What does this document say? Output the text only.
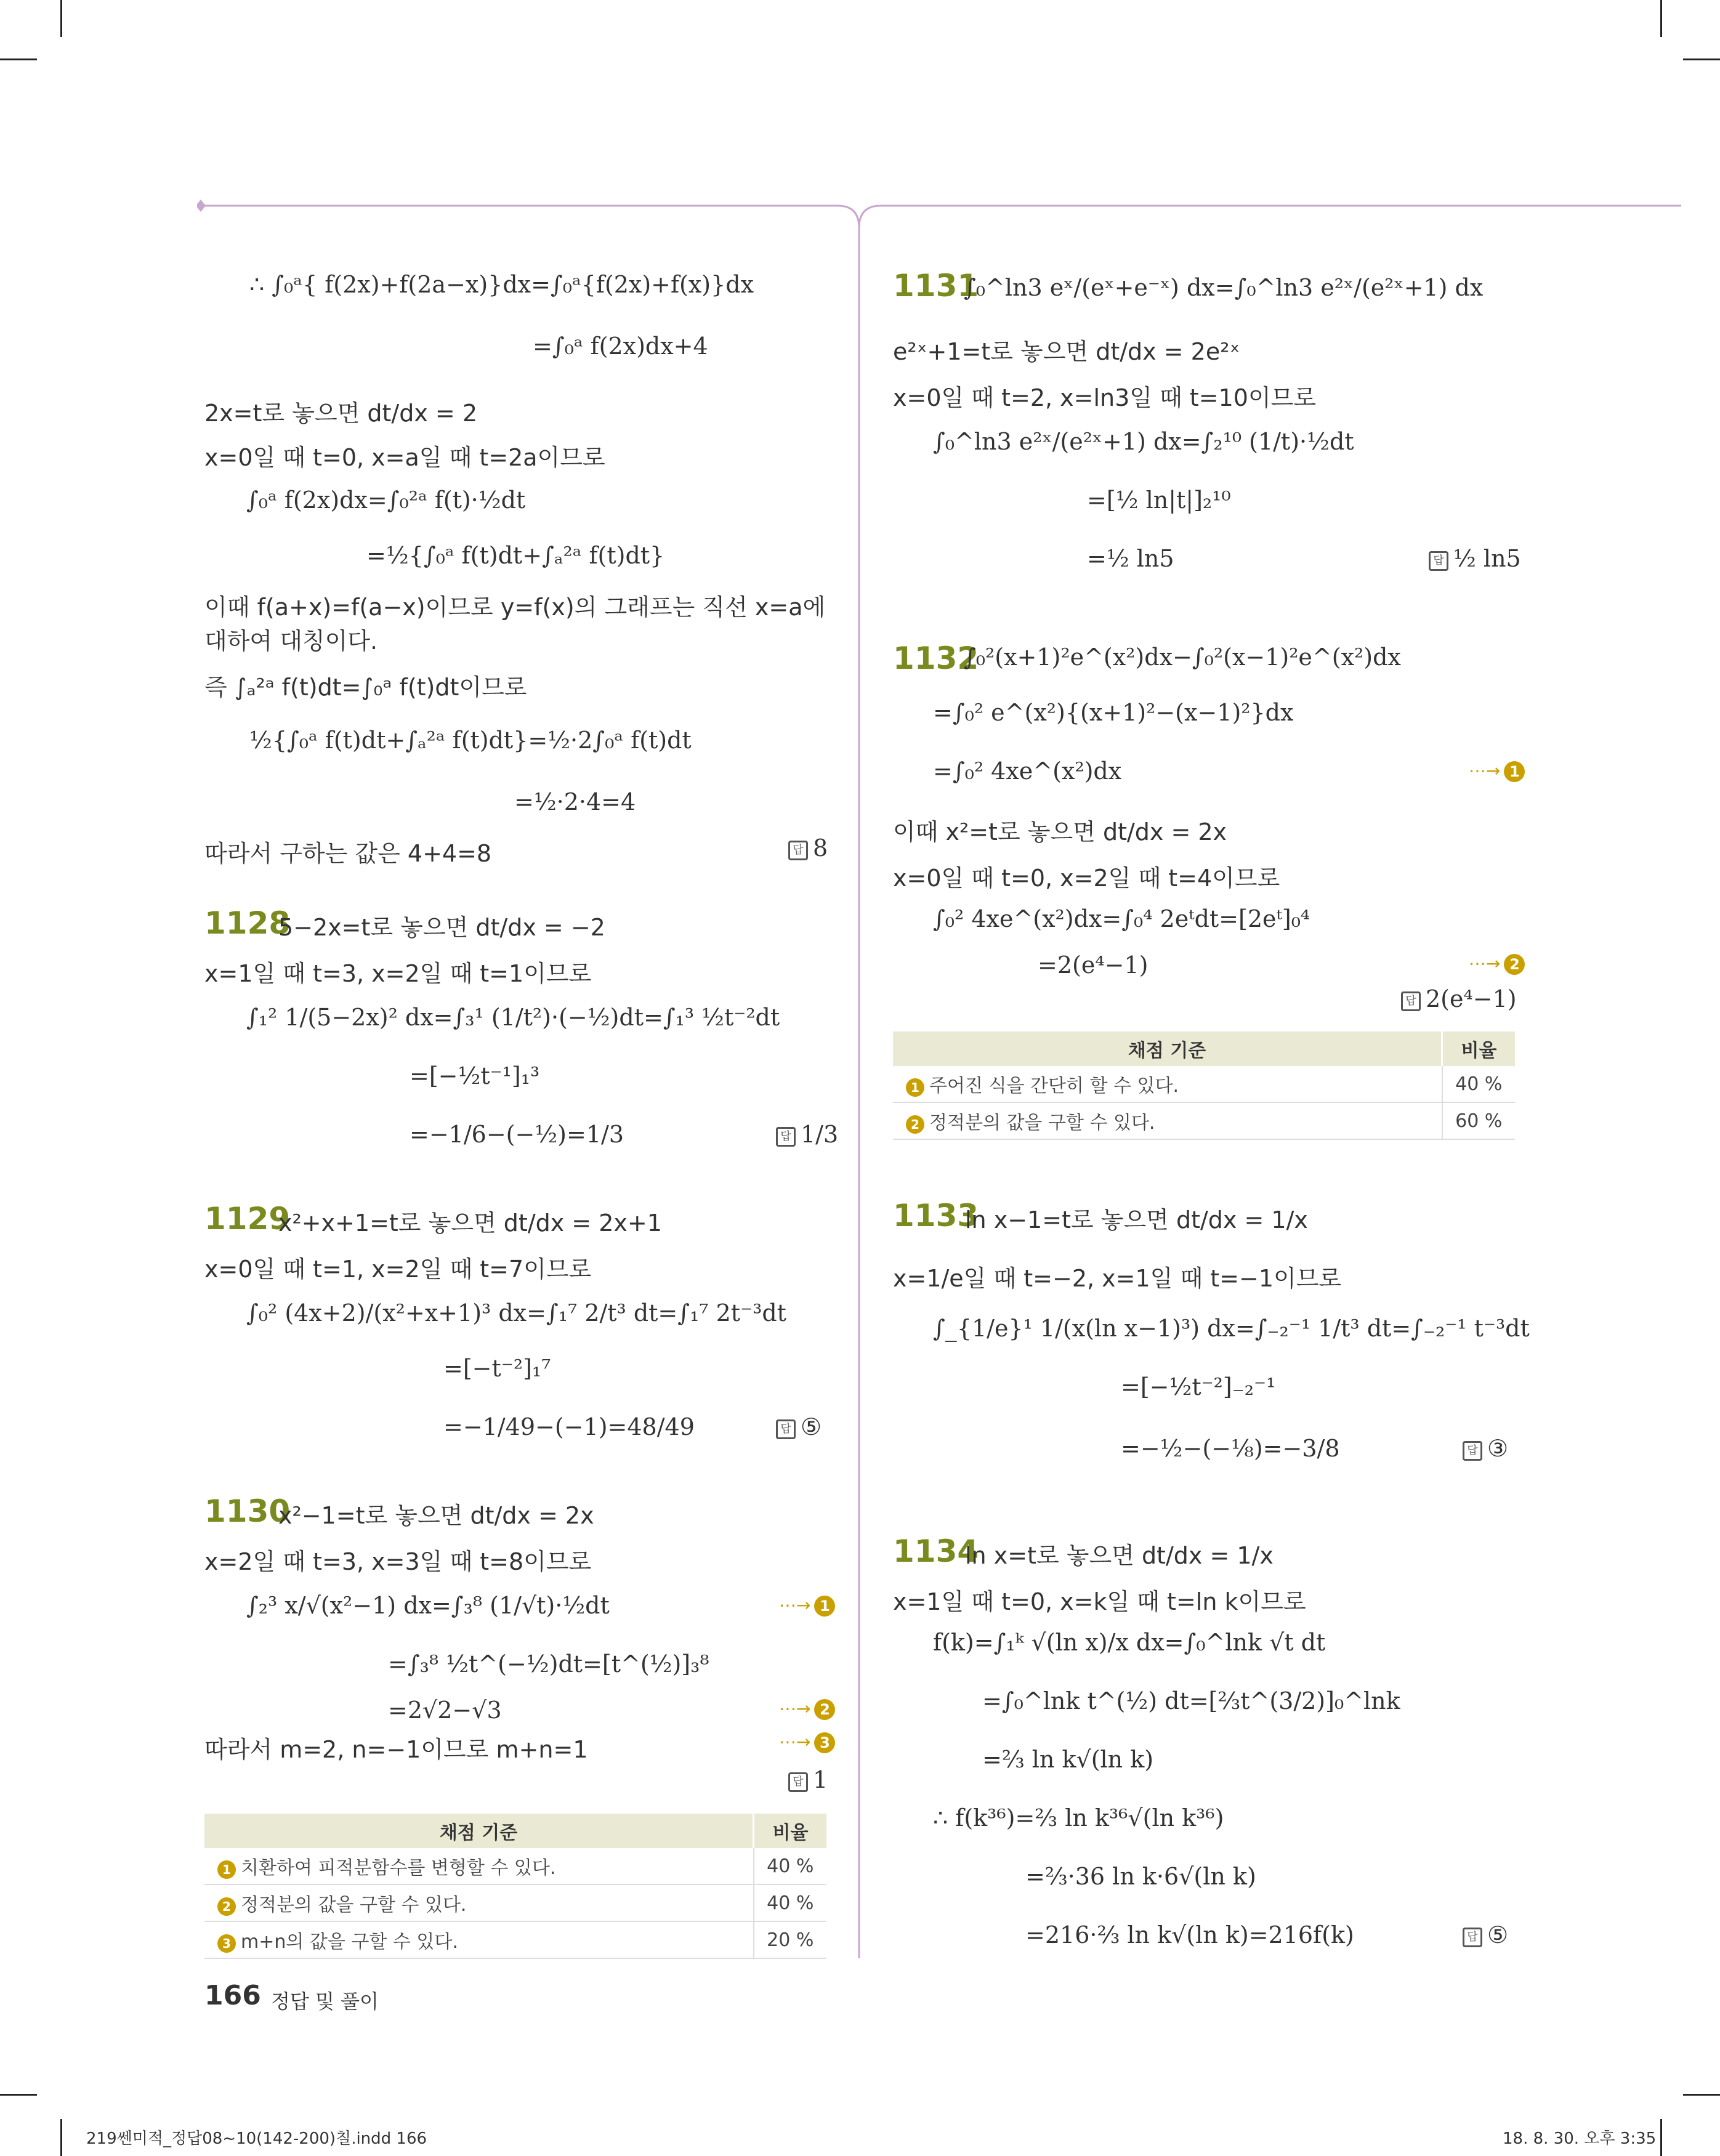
∴ ∫₀ᵃ{ f(2x)+f(2a−x)}dx=∫₀ᵃ{f(2x)+f(x)}dx
=∫₀ᵃ f(2x)dx+4
2x=t로 놓으면 dt/dx = 2
x=0일 때 t=0, x=a일 때 t=2a이므로
∫₀ᵃ f(2x)dx=∫₀²ᵃ f(t)·½dt
=½{∫₀ᵃ f(t)dt+∫ₐ²ᵃ f(t)dt}
이때 f(a+x)=f(a−x)이므로 y=f(x)의 그래프는 직선 x=a에
대하여 대칭이다.
즉 ∫ₐ²ᵃ f(t)dt=∫₀ᵃ f(t)dt이므로
½{∫₀ᵃ f(t)dt+∫ₐ²ᵃ f(t)dt}=½·2∫₀ᵃ f(t)dt
=½·2·4=4
따라서 구하는 값은 4+4=8	답 8
1128
5−2x=t로 놓으면 dt/dx = −2
x=1일 때 t=3, x=2일 때 t=1이므로
∫₁² 1/(5−2x)² dx=∫₃¹ (1/t²)·(−½)dt=∫₁³ ½t⁻²dt
=[−½t⁻¹]₁³
=−1/6−(−½)=1/3	답 1/3
1129
x²+x+1=t로 놓으면 dt/dx = 2x+1
x=0일 때 t=1, x=2일 때 t=7이므로
∫₀² (4x+2)/(x²+x+1)³ dx=∫₁⁷ 2/t³ dt=∫₁⁷ 2t⁻³dt
=[−t⁻²]₁⁷
=−1/49−(−1)=48/49	답 ⑤
1130
x²−1=t로 놓으면 dt/dx = 2x
x=2일 때 t=3, x=3일 때 t=8이므로
∫₂³ x/√(x²−1) dx=∫₃⁸ (1/√t)·½dt	⋯→ 1
=∫₃⁸ ½t^(−½)dt=[t^(½)]₃⁸
=2√2−√3	⋯→ 2
따라서 m=2, n=−1이므로 m+n=1	⋯→ 3
답 1
채점 기준	비율
1 치환하여 피적분함수를 변형할 수 있다.	40 %
2 정적분의 값을 구할 수 있다.	40 %
3 m+n의 값을 구할 수 있다.	20 %
1131
∫₀^ln3 eˣ/(eˣ+e⁻ˣ) dx=∫₀^ln3 e²ˣ/(e²ˣ+1) dx
e²ˣ+1=t로 놓으면 dt/dx = 2e²ˣ
x=0일 때 t=2, x=ln3일 때 t=10이므로
∫₀^ln3 e²ˣ/(e²ˣ+1) dx=∫₂¹⁰ (1/t)·½dt
=[½ ln|t|]₂¹⁰
=½ ln5	답 ½ ln5
1132
∫₀²(x+1)²e^(x²)dx−∫₀²(x−1)²e^(x²)dx
=∫₀² e^(x²){(x+1)²−(x−1)²}dx
=∫₀² 4xe^(x²)dx	⋯→ 1
이때 x²=t로 놓으면 dt/dx = 2x
x=0일 때 t=0, x=2일 때 t=4이므로
∫₀² 4xe^(x²)dx=∫₀⁴ 2eᵗdt=[2eᵗ]₀⁴
=2(e⁴−1)	⋯→ 2
답 2(e⁴−1)
채점 기준	비율
1 주어진 식을 간단히 할 수 있다.	40 %
2 정적분의 값을 구할 수 있다.	60 %
1133
ln x−1=t로 놓으면 dt/dx = 1/x
x=1/e일 때 t=−2, x=1일 때 t=−1이므로
∫_{1/e}¹ 1/(x(ln x−1)³) dx=∫₋₂⁻¹ 1/t³ dt=∫₋₂⁻¹ t⁻³dt
=[−½t⁻²]₋₂⁻¹
=−½−(−⅛)=−3/8	답 ③
1134
ln x=t로 놓으면 dt/dx = 1/x
x=1일 때 t=0, x=k일 때 t=ln k이므로
f(k)=∫₁ᵏ √(ln x)/x dx=∫₀^lnk √t dt
=∫₀^lnk t^(½) dt=[⅔t^(3/2)]₀^lnk
=⅔ ln k√(ln k)
∴ f(k³⁶)=⅔ ln k³⁶√(ln k³⁶)
=⅔·36 ln k·6√(ln k)
=216·⅔ ln k√(ln k)=216f(k)	답 ⑤
166 정답 및 풀이
219쎈미적_정답08~10(142-200)칠.indd 166	18. 8. 30. 오후 3:35
